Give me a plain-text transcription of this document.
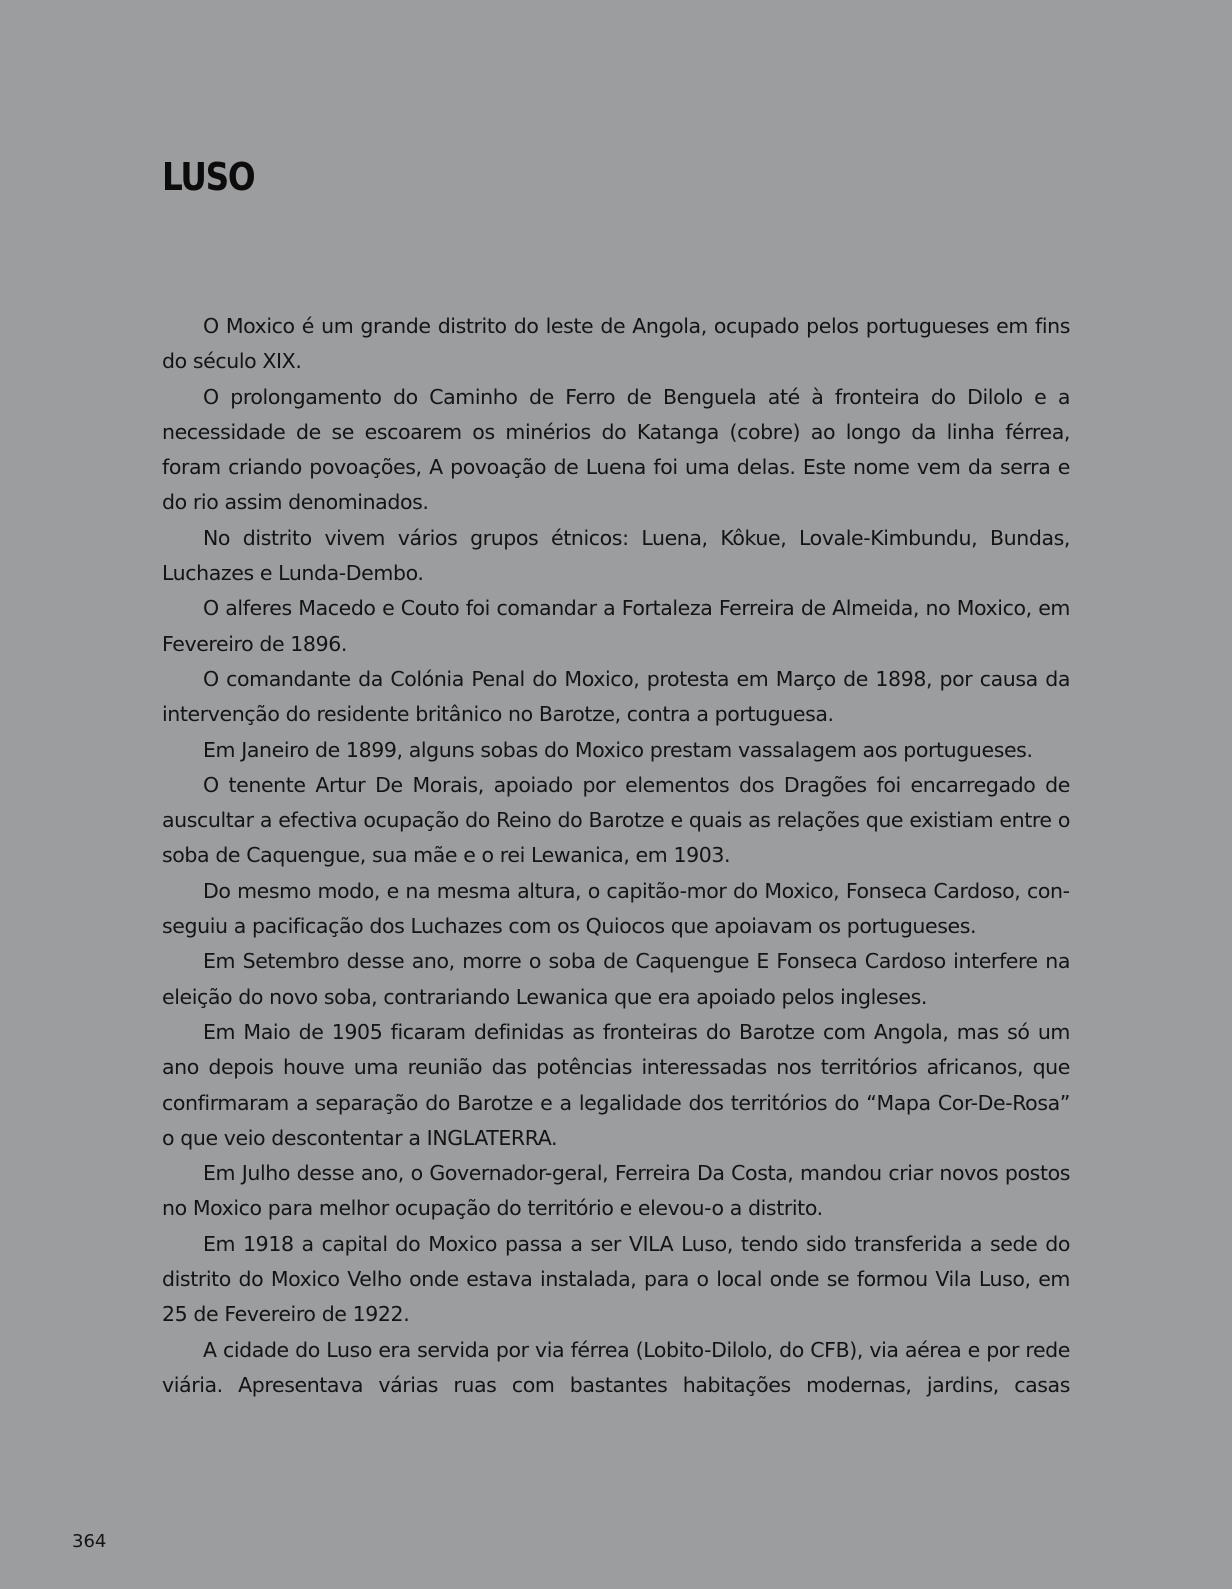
LUSO

O Moxico é um grande distrito do leste de Angola, ocupado pelos portugueses em fins do século XIX.

O prolongamento do Caminho de Ferro de Benguela até à fronteira do Dilolo e a necessidade de se escoarem os minérios do Katanga (cobre) ao longo da linha férrea, foram criando povoações, A povoação de Luena foi uma delas. Este nome vem da serra e do rio assim denominados.

No distrito vivem vários grupos étnicos: Luena, Kôkue, Lovale-Kimbundu, Bundas, Luchazes e Lunda-Dembo.

O alferes Macedo e Couto foi comandar a Fortaleza Ferreira de Almeida, no Moxico, em Fevereiro de 1896.

O comandante da Colónia Penal do Moxico, protesta em Março de 1898, por causa da intervenção do residente britânico no Barotze, contra a portuguesa.

Em Janeiro de 1899, alguns sobas do Moxico prestam vassalagem aos portugueses.

O tenente Artur De Morais, apoiado por elementos dos Dragões foi encarregado de auscultar a efectiva ocupação do Reino do Barotze e quais as relações que existiam entre o soba de Caquengue, sua mãe e o rei Lewanica, em 1903.

Do mesmo modo, e na mesma altura, o capitão-mor do Moxico, Fonseca Cardoso, conseguiu a pacificação dos Luchazes com os Quiocos que apoiavam os portugueses.

Em Setembro desse ano, morre o soba de Caquengue E Fonseca Cardoso interfere na eleição do novo soba, contrariando Lewanica que era apoiado pelos ingleses.

Em Maio de 1905 ficaram definidas as fronteiras do Barotze com Angola, mas só um ano depois houve uma reunião das potências interessadas nos territórios africanos, que confirmaram a separação do Barotze e a legalidade dos territórios do “Mapa Cor-De-Rosa” o que veio descontentar a INGLATERRA.

Em Julho desse ano, o Governador-geral, Ferreira Da Costa, mandou criar novos postos no Moxico para melhor ocupação do território e elevou-o a distrito.

Em 1918 a capital do Moxico passa a ser VILA Luso, tendo sido transferida a sede do distrito do Moxico Velho onde estava instalada, para o local onde se formou Vila Luso, em 25 de Fevereiro de 1922.

A cidade do Luso era servida por via férrea (Lobito-Dilolo, do CFB), via aérea e por rede viária. Apresentava várias ruas com bastantes habitações modernas, jardins, casas

364
